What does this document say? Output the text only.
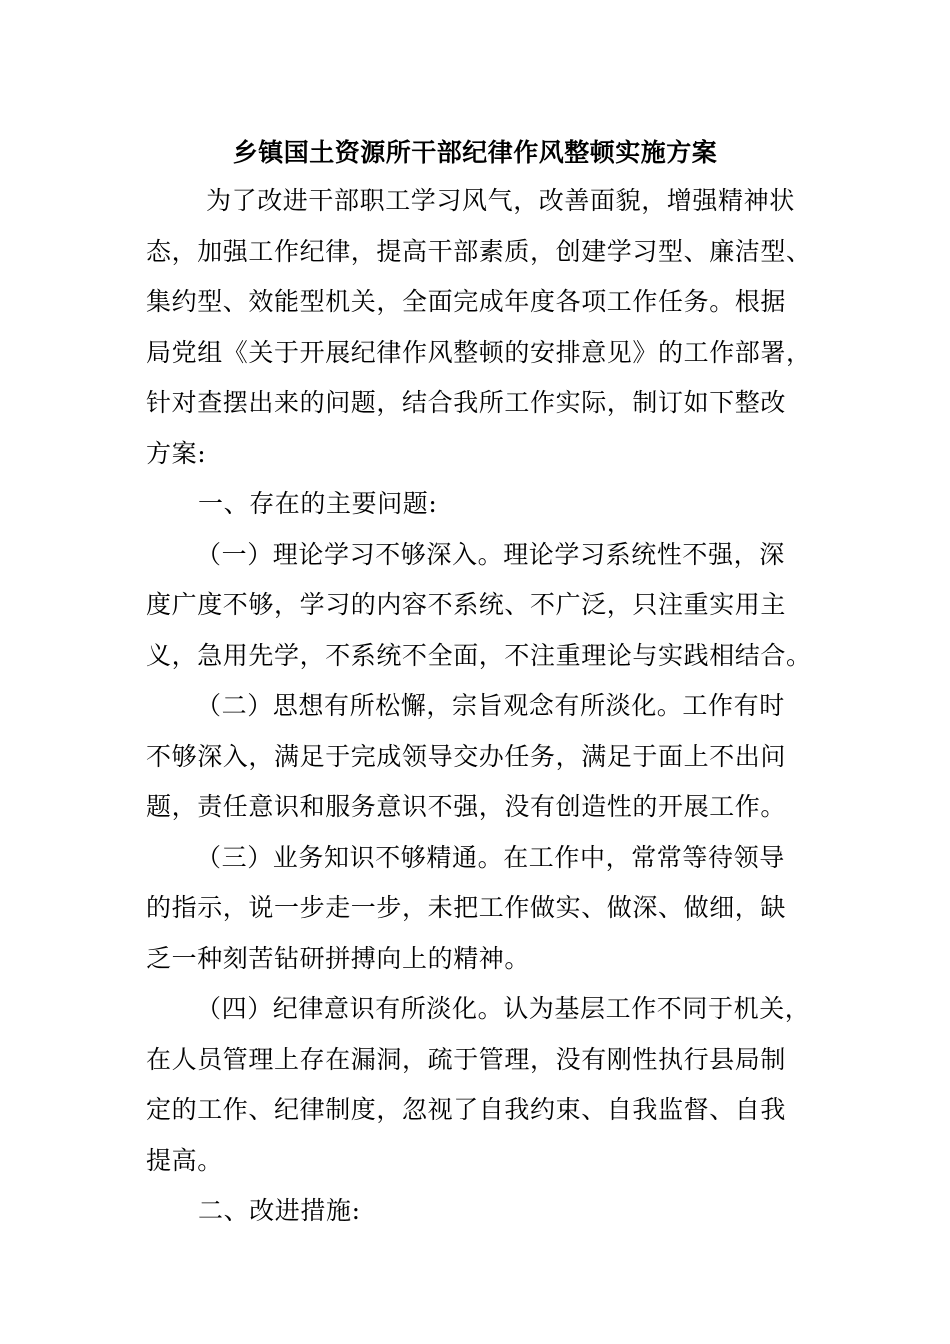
乡镇国土资源所干部纪律作风整顿实施方案
为了改进干部职工学习风气，改善面貌，增强精神状
态，加强工作纪律，提高干部素质，创建学习型、廉洁型、
集约型、效能型机关，全面完成年度各项工作任务。根据
局党组《关于开展纪律作风整顿的安排意见》的工作部署，
针对查摆出来的问题，结合我所工作实际，制订如下整改
方案:
一、存在的主要问题:
（一）理论学习不够深入。理论学习系统性不强，深
度广度不够，学习的内容不系统、不广泛，只注重实用主
义，急用先学，不系统不全面，不注重理论与实践相结合。
（二）思想有所松懈，宗旨观念有所淡化。工作有时
不够深入，满足于完成领导交办任务，满足于面上不出问
题，责任意识和服务意识不强，没有创造性的开展工作。
（三）业务知识不够精通。在工作中，常常等待领导
的指示，说一步走一步，未把工作做实、做深、做细，缺
乏一种刻苦钻研拼搏向上的精神。
（四）纪律意识有所淡化。认为基层工作不同于机关，
在人员管理上存在漏洞，疏于管理，没有刚性执行县局制
定的工作、纪律制度，忽视了自我约束、自我监督、自我
提高。
二、改进措施:
